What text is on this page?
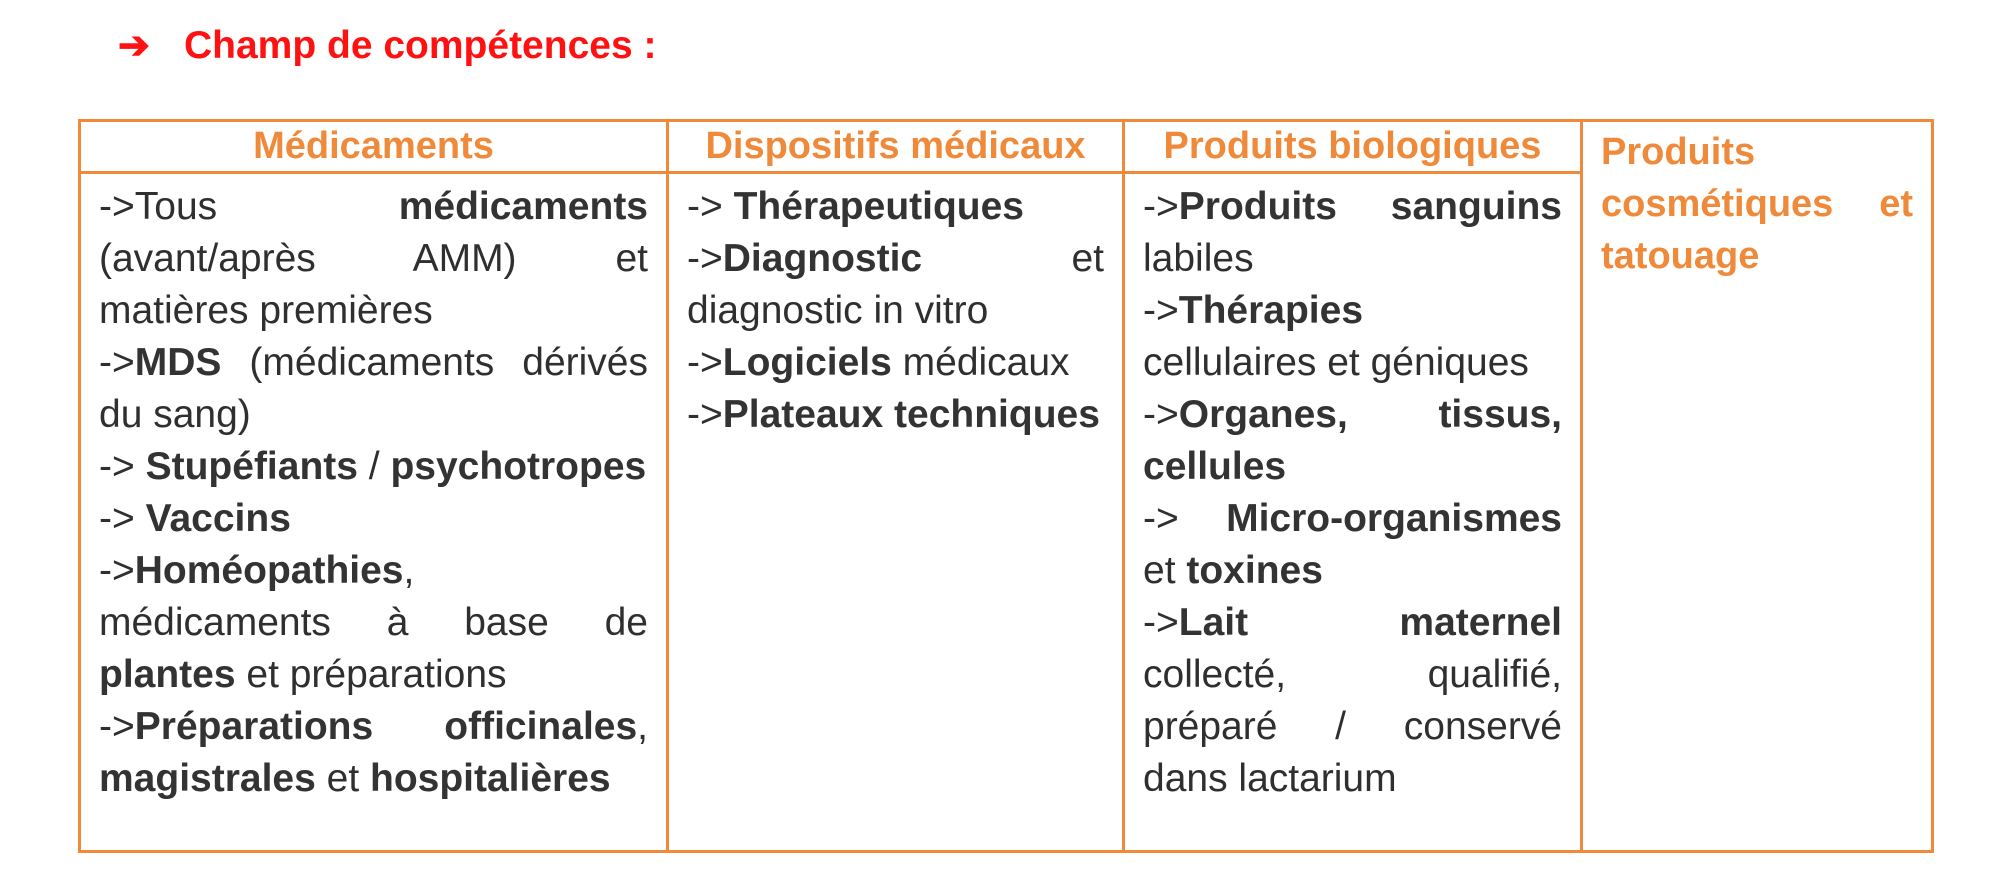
➔ Champ de compétences :
Médicaments
->Tous	médicaments
(avant/après AMM)	et
matières premières
->MDS (médicaments dérivés
du sang)
-> Stupéfiants / psychotropes
-> Vaccins
->Homéopathies,
médicaments à base de
plantes et préparations
->Préparations officinales,
magistrales et hospitalières
Dispositifs médicaux
-> Thérapeutiques
->Diagnostic	et
diagnostic in vitro
->Logiciels médicaux
->Plateaux techniques
Produits biologiques
->Produits sanguins
labiles
->Thérapies
cellulaires et géniques
->Organes, tissus,
cellules
-> Micro-organismes
et toxines
->Lait	maternel
collecté,	qualifié,
préparé / conservé
dans lactarium
Produits
cosmétiques et
tatouage
